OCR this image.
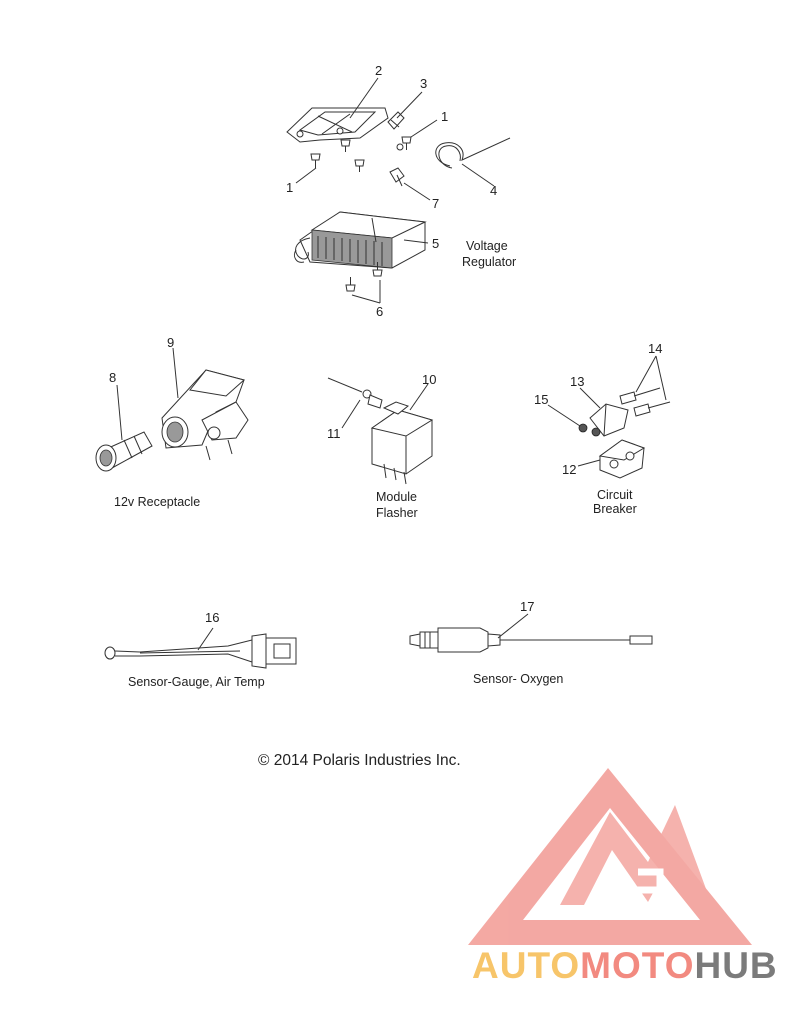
AUTOMOTOHUB
2
3
1
1	4
7
5
6
9
8	10
11
14
13
15
12
16
17
Voltage
Regulator
12v Receptacle	Module
Flasher
Circuit
Breaker
Sensor-Gauge, Air Temp	Sensor- Oxygen
© 2014 Polaris Industries Inc.
